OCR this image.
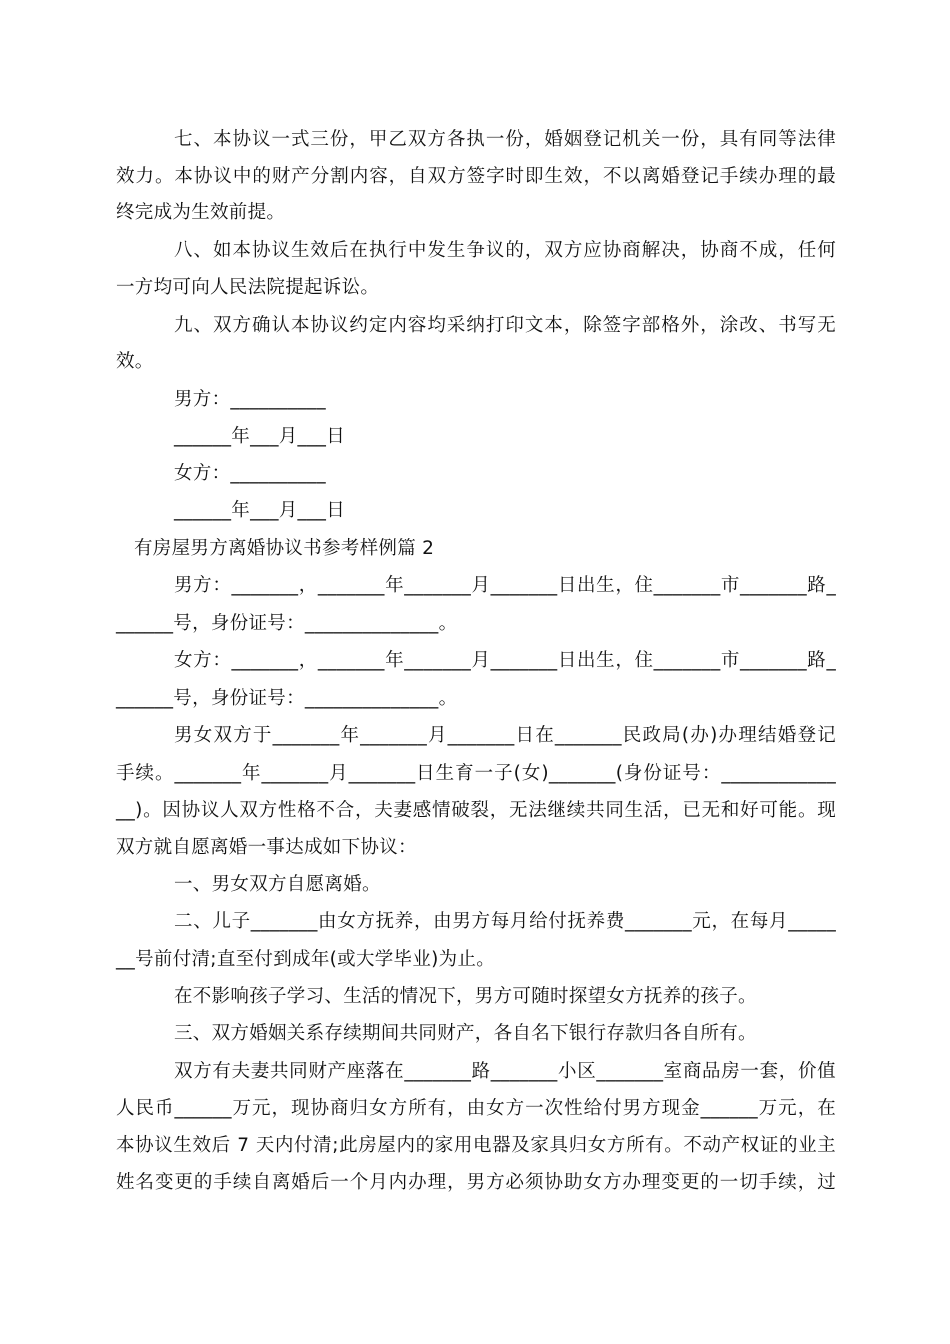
七、本协议一式三份，甲乙双方各执一份，婚姻登记机关一份，具有同等法律
效力。本协议中的财产分割内容，自双方签字时即生效，不以离婚登记手续办理的最
终完成为生效前提。
八、如本协议生效后在执行中发生争议的，双方应协商解决，协商不成，任何
一方均可向人民法院提起诉讼。
九、双方确认本协议约定内容均采纳打印文本，除签字部格外，涂改、书写无
效。
男方：__________
______年___月___日
女方：__________
______年___月___日
有房屋男方离婚协议书参考样例篇 2
男方：_______，_______年_______月_______日出生，住_______市_______路_
______号，身份证号：______________。
女方：_______，_______年_______月_______日出生，住_______市_______路_
______号，身份证号：______________。
男女双方于_______年_______月_______日在_______民政局(办)办理结婚登记
手续。_______年_______月_______日生育一子(女)_______(身份证号：____________
__)。因协议人双方性格不合，夫妻感情破裂，无法继续共同生活，已无和好可能。现
双方就自愿离婚一事达成如下协议：
一、男女双方自愿离婚。
二、儿子_______由女方抚养，由男方每月给付抚养费_______元，在每月_____
__号前付清;直至付到成年(或大学毕业)为止。
在不影响孩子学习、生活的情况下，男方可随时探望女方抚养的孩子。
三、双方婚姻关系存续期间共同财产，各自名下银行存款归各自所有。
双方有夫妻共同财产座落在_______路_______小区_______室商品房一套，价值
人民币______万元，现协商归女方所有，由女方一次性给付男方现金______万元，在
本协议生效后 7 天内付清;此房屋内的家用电器及家具归女方所有。不动产权证的业主
姓名变更的手续自离婚后一个月内办理，男方必须协助女方办理变更的一切手续，过
